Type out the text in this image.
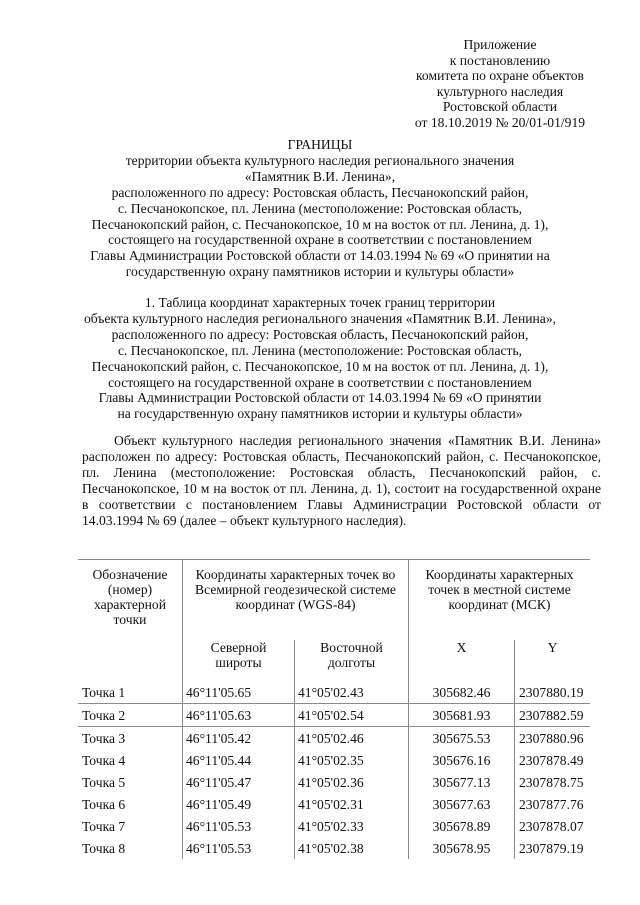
Приложение
к постановлению
комитета по охране объектов
культурного наследия
Ростовской области
от 18.10.2019 № 20/01-01/919
ГРАНИЦЫ
территории объекта культурного наследия регионального значения
«Памятник В.И. Ленина»,
расположенного по адресу: Ростовская область, Песчанокопский район,
с. Песчанокопское, пл. Ленина (местоположение: Ростовская область,
Песчанокопский район, с. Песчанокопское, 10 м на восток от пл. Ленина, д. 1),
состоящего на государственной охране в соответствии с постановлением
Главы Администрации Ростовской области от 14.03.1994 № 69 «О принятии на
государственную охрану памятников истории и культуры области»
1. Таблица координат характерных точек границ территории
объекта культурного наследия регионального значения «Памятник В.И. Ленина»,
расположенного по адресу: Ростовская область, Песчанокопский район,
с. Песчанокопское, пл. Ленина (местоположение: Ростовская область,
Песчанокопский район, с. Песчанокопское, 10 м на восток от пл. Ленина, д. 1),
состоящего на государственной охране в соответствии с постановлением
Главы Администрации Ростовской области от 14.03.1994 № 69 «О принятии
на государственную охрану памятников истории и культуры области»

Объект культурного наследия регионального значения «Памятник В.И. Ленина» расположен по адресу: Ростовская область, Песчанокопский район, с. Песчанокопское, пл. Ленина (местоположение: Ростовская область, Песчанокопский район, с. Песчанокопское, 10 м на восток от пл. Ленина, д. 1), состоит на государственной охране в соответствии с постановлением Главы Администрации Ростовской области от 14.03.1994 № 69 (далее – объект культурного наследия).

Обозначение (номер) характерной точки	Координаты характерных точек во Всемирной геодезической системе координат (WGS-84)		Координаты характерных точек в местной системе координат (МСК)	
	Северной широты	Восточной долготы	X	Y
Точка 1	46°11'05.65	41°05'02.43	305682.46	2307880.19
Точка 2	46°11'05.63	41°05'02.54	305681.93	2307882.59
Точка 3	46°11'05.42	41°05'02.46	305675.53	2307880.96
Точка 4	46°11'05.44	41°05'02.35	305676.16	2307878.49
Точка 5	46°11'05.47	41°05'02.36	305677.13	2307878.75
Точка 6	46°11'05.49	41°05'02.31	305677.63	2307877.76
Точка 7	46°11'05.53	41°05'02.33	305678.89	2307878.07
Точка 8	46°11'05.53	41°05'02.38	305678.95	2307879.19
